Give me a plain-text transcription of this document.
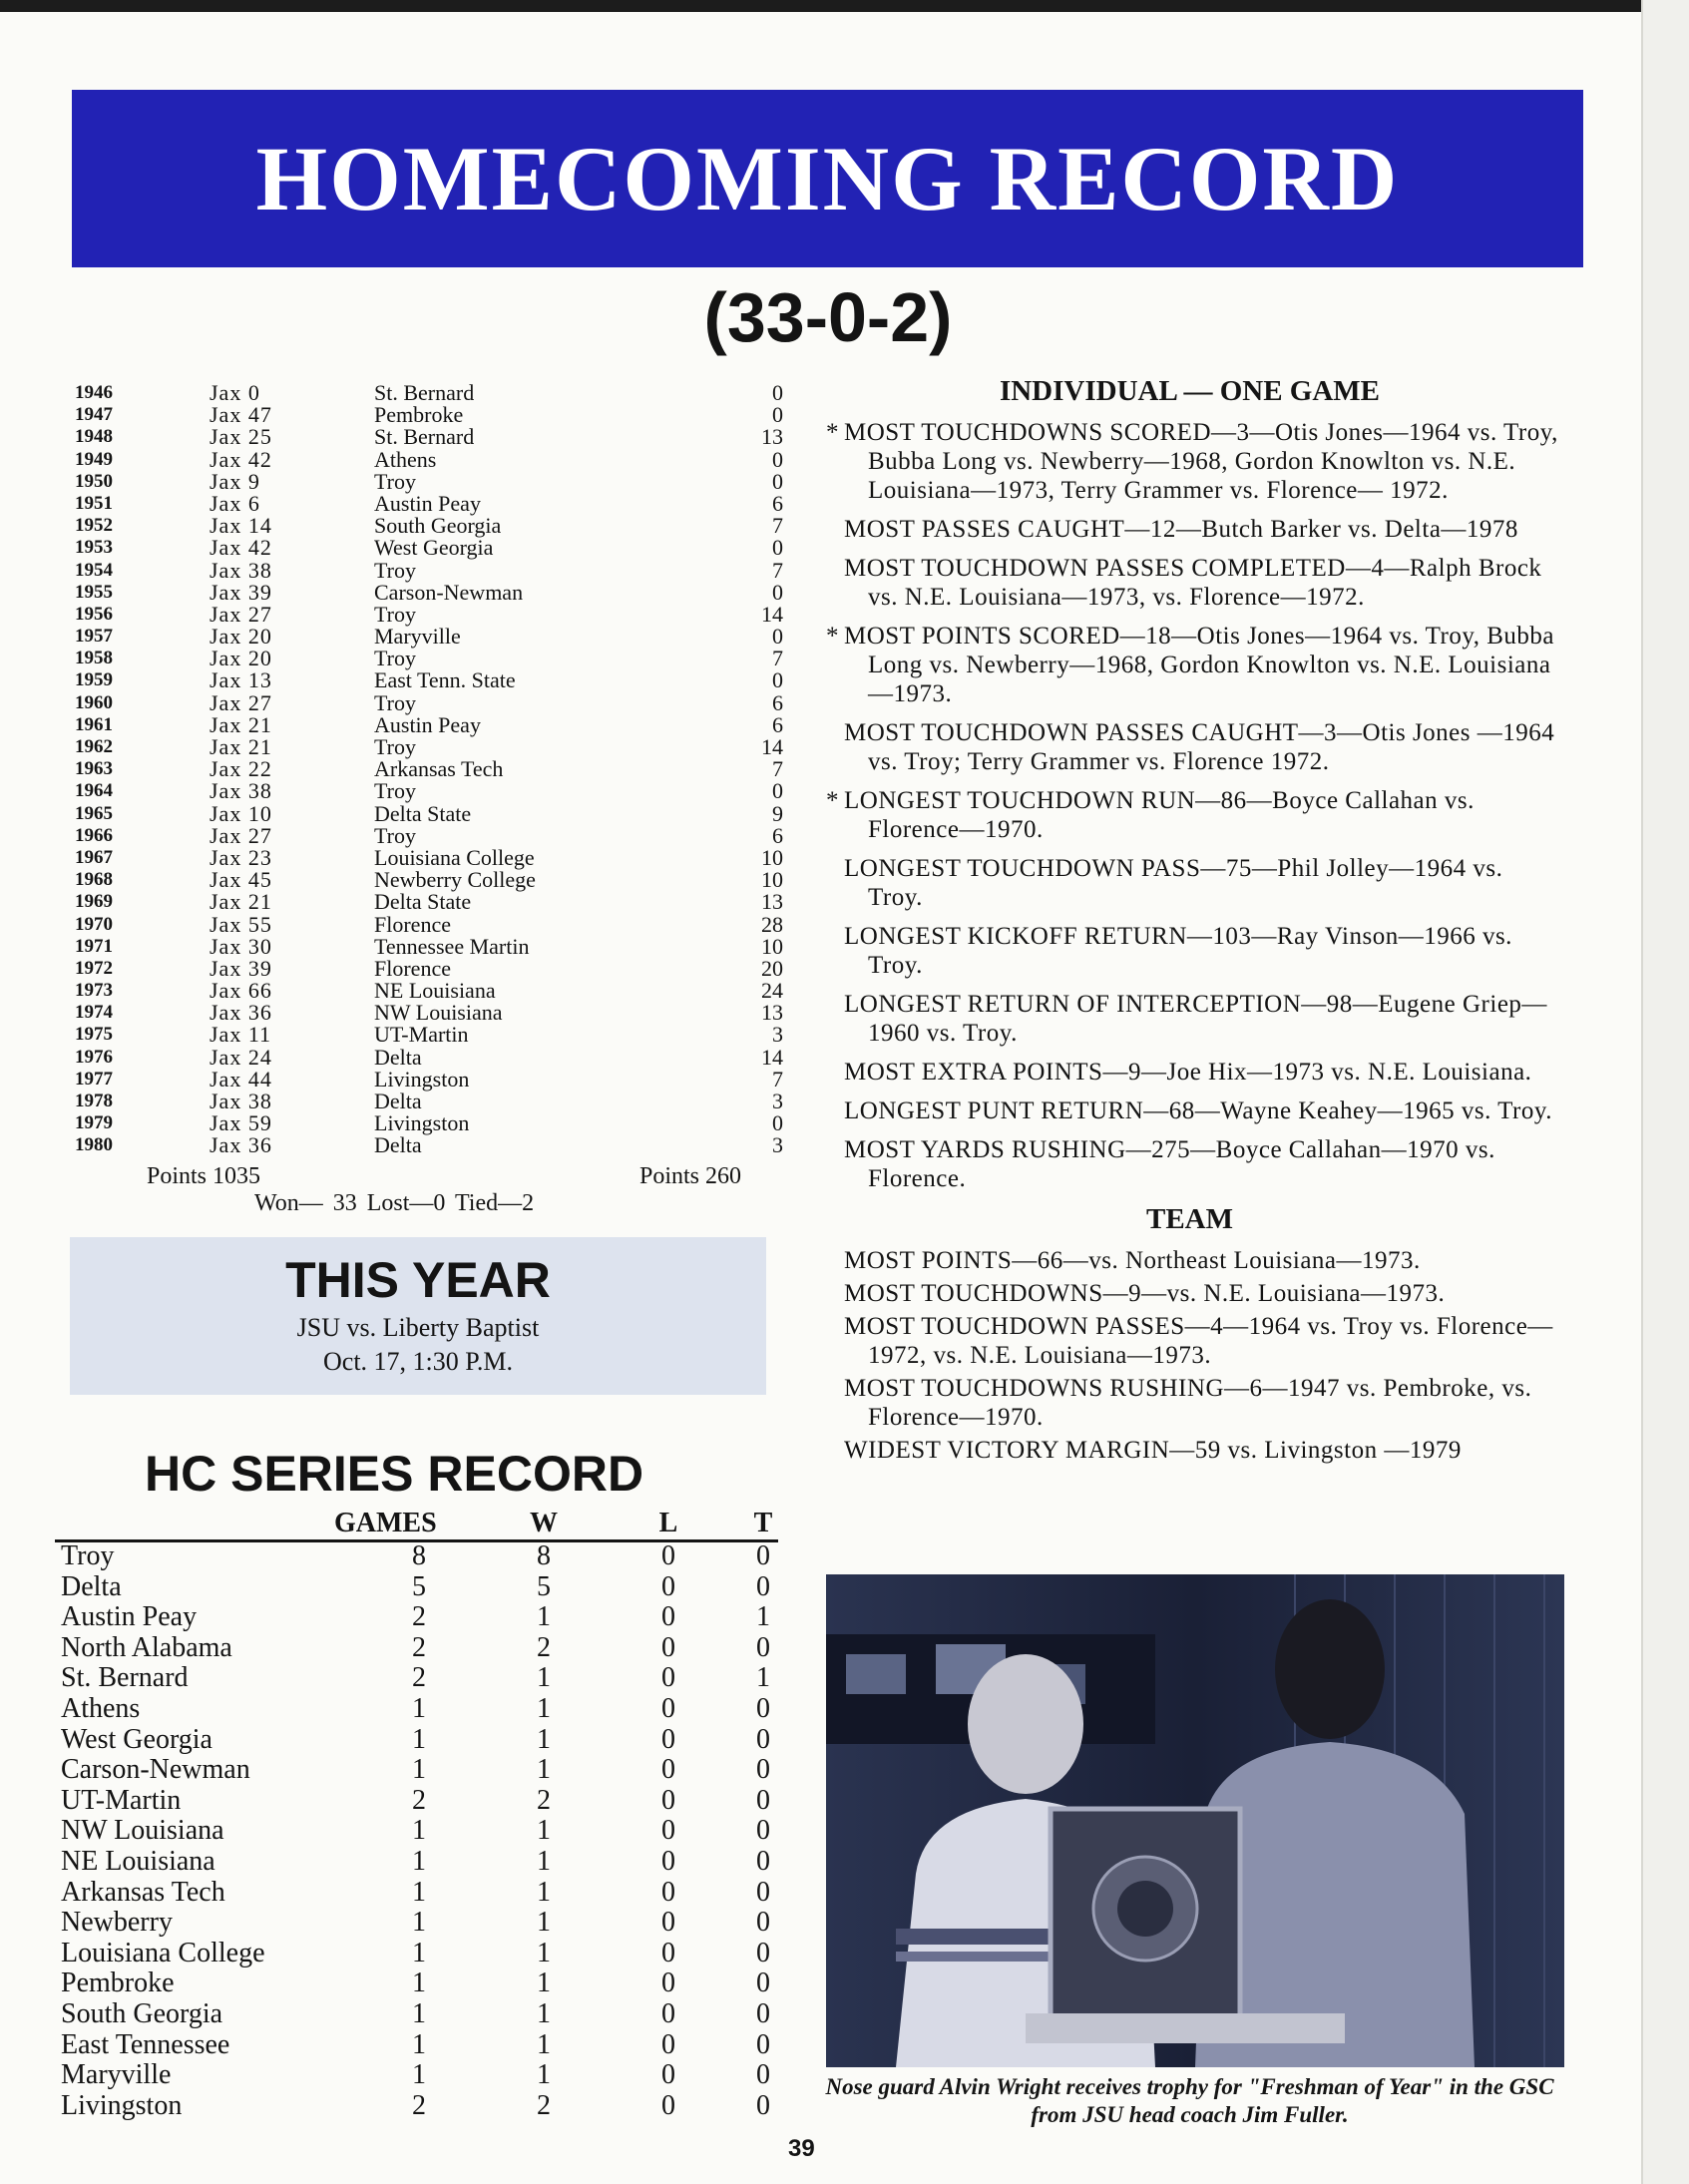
HOMECOMING RECORD
(33-0-2)
1946	Jax 0	St. Bernard	0
1947	Jax 47	Pembroke	0
1948	Jax 25	St. Bernard	13
1949	Jax 42	Athens	0
1950	Jax 9	Troy	0
1951	Jax 6	Austin Peay	6
1952	Jax 14	South Georgia	7
1953	Jax 42	West Georgia	0
1954	Jax 38	Troy	7
1955	Jax 39	Carson-Newman	0
1956	Jax 27	Troy	14
1957	Jax 20	Maryville	0
1958	Jax 20	Troy	7
1959	Jax 13	East Tenn. State	0
1960	Jax 27	Troy	6
1961	Jax 21	Austin Peay	6
1962	Jax 21	Troy	14
1963	Jax 22	Arkansas Tech	7
1964	Jax 38	Troy	0
1965	Jax 10	Delta State	9
1966	Jax 27	Troy	6
1967	Jax 23	Louisiana College	10
1968	Jax 45	Newberry College	10
1969	Jax 21	Delta State	13
1970	Jax 55	Florence	28
1971	Jax 30	Tennessee Martin	10
1972	Jax 39	Florence	20
1973	Jax 66	NE Louisiana	24
1974	Jax 36	NW Louisiana	13
1975	Jax 11	UT-Martin	3
1976	Jax 24	Delta	14
1977	Jax 44	Livingston	7
1978	Jax 38	Delta	3
1979	Jax 59	Livingston	0
1980	Jax 36	Delta	3
Points 1035	Points 260
Won— 33 Lost—0 Tied—2
THIS YEAR
JSU vs. Liberty Baptist
Oct. 17, 1:30 P.M.
HC SERIES RECORD
GAMES	W	L	T
Troy	8	8	0	0
Delta	5	5	0	0
Austin Peay	2	1	0	1
North Alabama	2	2	0	0
St. Bernard	2	1	0	1
Athens	1	1	0	0
West Georgia	1	1	0	0
Carson-Newman	1	1	0	0
UT-Martin	2	2	0	0
NW Louisiana	1	1	0	0
NE Louisiana	1	1	0	0
Arkansas Tech	1	1	0	0
Newberry	1	1	0	0
Louisiana College	1	1	0	0
Pembroke	1	1	0	0
South Georgia	1	1	0	0
East Tennessee	1	1	0	0
Maryville	1	1	0	0
Livingston	2	2	0	0
INDIVIDUAL — ONE GAME
* MOST TOUCHDOWNS SCORED—3—Otis Jones—1964 vs. Troy, Bubba Long vs. Newberry—1968, Gordon Knowlton vs. N.E. Louisiana—1973, Terry Grammer vs. Florence— 1972.
MOST PASSES CAUGHT—12—Butch Barker vs. Delta—1978
MOST TOUCHDOWN PASSES COMPLETED—4—Ralph Brock vs. N.E. Louisiana—1973, vs. Florence—1972.
* MOST POINTS SCORED—18—Otis Jones—1964 vs. Troy, Bubba Long vs. Newberry—1968, Gordon Knowlton vs. N.E. Louisiana—1973.
MOST TOUCHDOWN PASSES CAUGHT—3—Otis Jones —1964 vs. Troy; Terry Grammer vs. Florence 1972.
* LONGEST TOUCHDOWN RUN—86—Boyce Callahan vs. Florence—1970.
LONGEST TOUCHDOWN PASS—75—Phil Jolley—1964 vs. Troy.
LONGEST KICKOFF RETURN—103—Ray Vinson—1966 vs. Troy.
LONGEST RETURN OF INTERCEPTION—98—Eugene Griep—1960 vs. Troy.
MOST EXTRA POINTS—9—Joe Hix—1973 vs. N.E. Louisiana.
LONGEST PUNT RETURN—68—Wayne Keahey—1965 vs. Troy.
MOST YARDS RUSHING—275—Boyce Callahan—1970 vs. Florence.
TEAM
MOST POINTS—66—vs. Northeast Louisiana—1973.
MOST TOUCHDOWNS—9—vs. N.E. Louisiana—1973.
MOST TOUCHDOWN PASSES—4—1964 vs. Troy vs. Florence—1972, vs. N.E. Louisiana—1973.
MOST TOUCHDOWNS RUSHING—6—1947 vs. Pembroke, vs. Florence—1970.
WIDEST VICTORY MARGIN—59 vs. Livingston —1979
Nose guard Alvin Wright receives trophy for "Freshman of Year" in the GSC from JSU head coach Jim Fuller.
39
